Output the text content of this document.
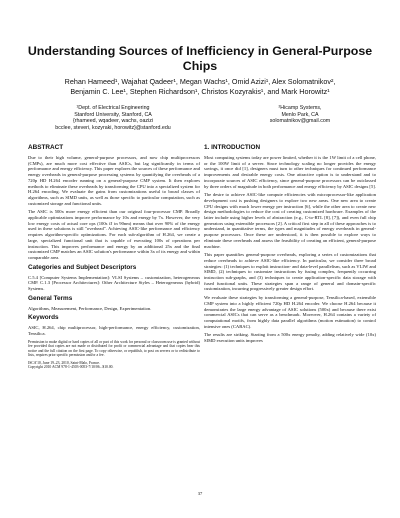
Understanding Sources of Inefficiency in General-Purpose Chips
Rehan Hameed¹, Wajahat Qadeer¹, Megan Wachs¹, Omid Azizi¹, Alex Solomatnikov²,
Benjamin C. Lee¹, Stephen Richardson¹, Christos Kozyrakis¹, and Mark Horowitz¹
¹Dept. of Electrical Engineering
Stanford University, Stanford, CA
{rhameed, wqadeer, wachs, oazizi
bcclee, steveri, kozyraki, horowitz}@stanford.edu
²Hicamp Systems,
Menlo Park, CA
solomatnikov@gmail.com
ABSTRACT

Due to their high volume, general-purpose processors, and now chip multiprocessors (CMPs), are much more cost effective than ASICs, but lag significantly in terms of performance and energy efficiency. This paper explores the sources of these performance and energy overheads in general-purpose processing systems by quantifying the overheads of a 720p HD H.264 encoder running on a general-purpose CMP system. It then explores methods to eliminate these overheads by transforming the CPU into a specialized system for H.264 encoding. We evaluate the gains from customizations useful to broad classes of algorithms, such as SIMD units, as well as those specific to particular computation, such as customized storage and functional units.

The ASIC is 500x more energy efficient than our original four-processor CMP. Broadly applicable optimizations improve performance by 10x and energy by 7x. However, the very low energy costs of actual core ops (100s fJ in 90nm) means that over 90% of the energy used in these solutions is still "overhead". Achieving ASIC-like performance and efficiency requires algorithm-specific optimizations. For each sub-algorithm of H.264, we create a large, specialized functional unit that is capable of executing 100s of operations per instruction. This improves performance and energy by an additional 25x and the final customized CMP matches an ASIC solution's performance within 3x of its energy and within comparable area.

Categories and Subject Descriptors

C.5.4 [Computer Systems Implementation]: VLSI Systems – customization, heterogeneous CMP. C.1.3 [Processor Architectures]: Other Architecture Styles – Heterogeneous (hybrid) Systems.

General Terms

Algorithms, Measurement, Performance, Design, Experimentation.

Keywords

ASIC, H.264, chip multiprocessor, high-performance, energy efficiency, customization, Tensilica.

Permission to make digital or hard copies of all or part of this work for personal or classroom use is granted without fee provided that copies are not made or distributed for profit or commercial advantage and that copies bear this notice and the full citation on the first page. To copy otherwise, or republish, to post on servers or to redistribute to lists, requires prior specific permission and/or a fee.

ISCA'10, June 19–23, 2010, Saint-Malo, France.

Copyright 2010 ACM 978-1-4503-0053-7/10/06...$10.00.

1. INTRODUCTION

Most computing systems today are power limited, whether it is the 1W limit of a cell phone, or the 100W limit of a server. Since technology scaling no longer provides the energy savings, it once did [1], designers must turn to other techniques for continued performance improvements and desirable energy costs. One attractive option is to understand and to incorporate sources of ASIC efficiency, since general-purpose processors can be outclassed by three orders of magnitude in both performance and energy efficiency by ASIC designs [5].

The desire to achieve ASIC-like compute efficiencies with microprocessor-like application development cost is pushing designers to explore two new areas. One new area to create CPU designs with much lower energy per instruction [6], while the other area to create new design methodologies to reduce the cost of creating customized hardware. Examples of the latter include using higher levels of abstraction (e.g., C-to-RTL [8], [7]), and even full chip generators using extensible processors [2]. A critical first step in all of these approaches is to understand, in quantitative terms, the types and magnitudes of energy overheads in general-purpose processors. Once these are understood, it is then possible to explore ways to eliminate these overheads and assess the feasibility of creating an efficient, general-purpose machine.

This paper quantifies general-purpose overheads, exploring a series of customizations that reduce overheads to achieve ASIC-like efficiency. In particular, we consider three broad strategies: (1) techniques to exploit instruction- and data-level parallelism, such as VLIW and SIMD, (2) techniques to customize instructions by fusing complex, frequently occurring instruction sub-graphs, and (3) techniques to create application-specific data storage with fused functional units. These strategies span a range of general and domain-specific customization, incurring progressively greater design effort.

We evaluate these strategies by transforming a general-purpose, Tensilica-based, extensible CMP system into a highly efficient 720p HD H.264 encoder. We choose H.264 because it demonstrates the large energy advantage of ASIC solutions (500x) and because there exist commercial ASICs that can serve as a benchmark. Moreover, H.264 contains a variety of computational motifs, from highly data parallel algorithms (motion estimation) to control intensive ones (CABAC).

The results are striking. Starting from a 500x energy penalty, adding relatively wide (10x) SIMD execution units improves

37
